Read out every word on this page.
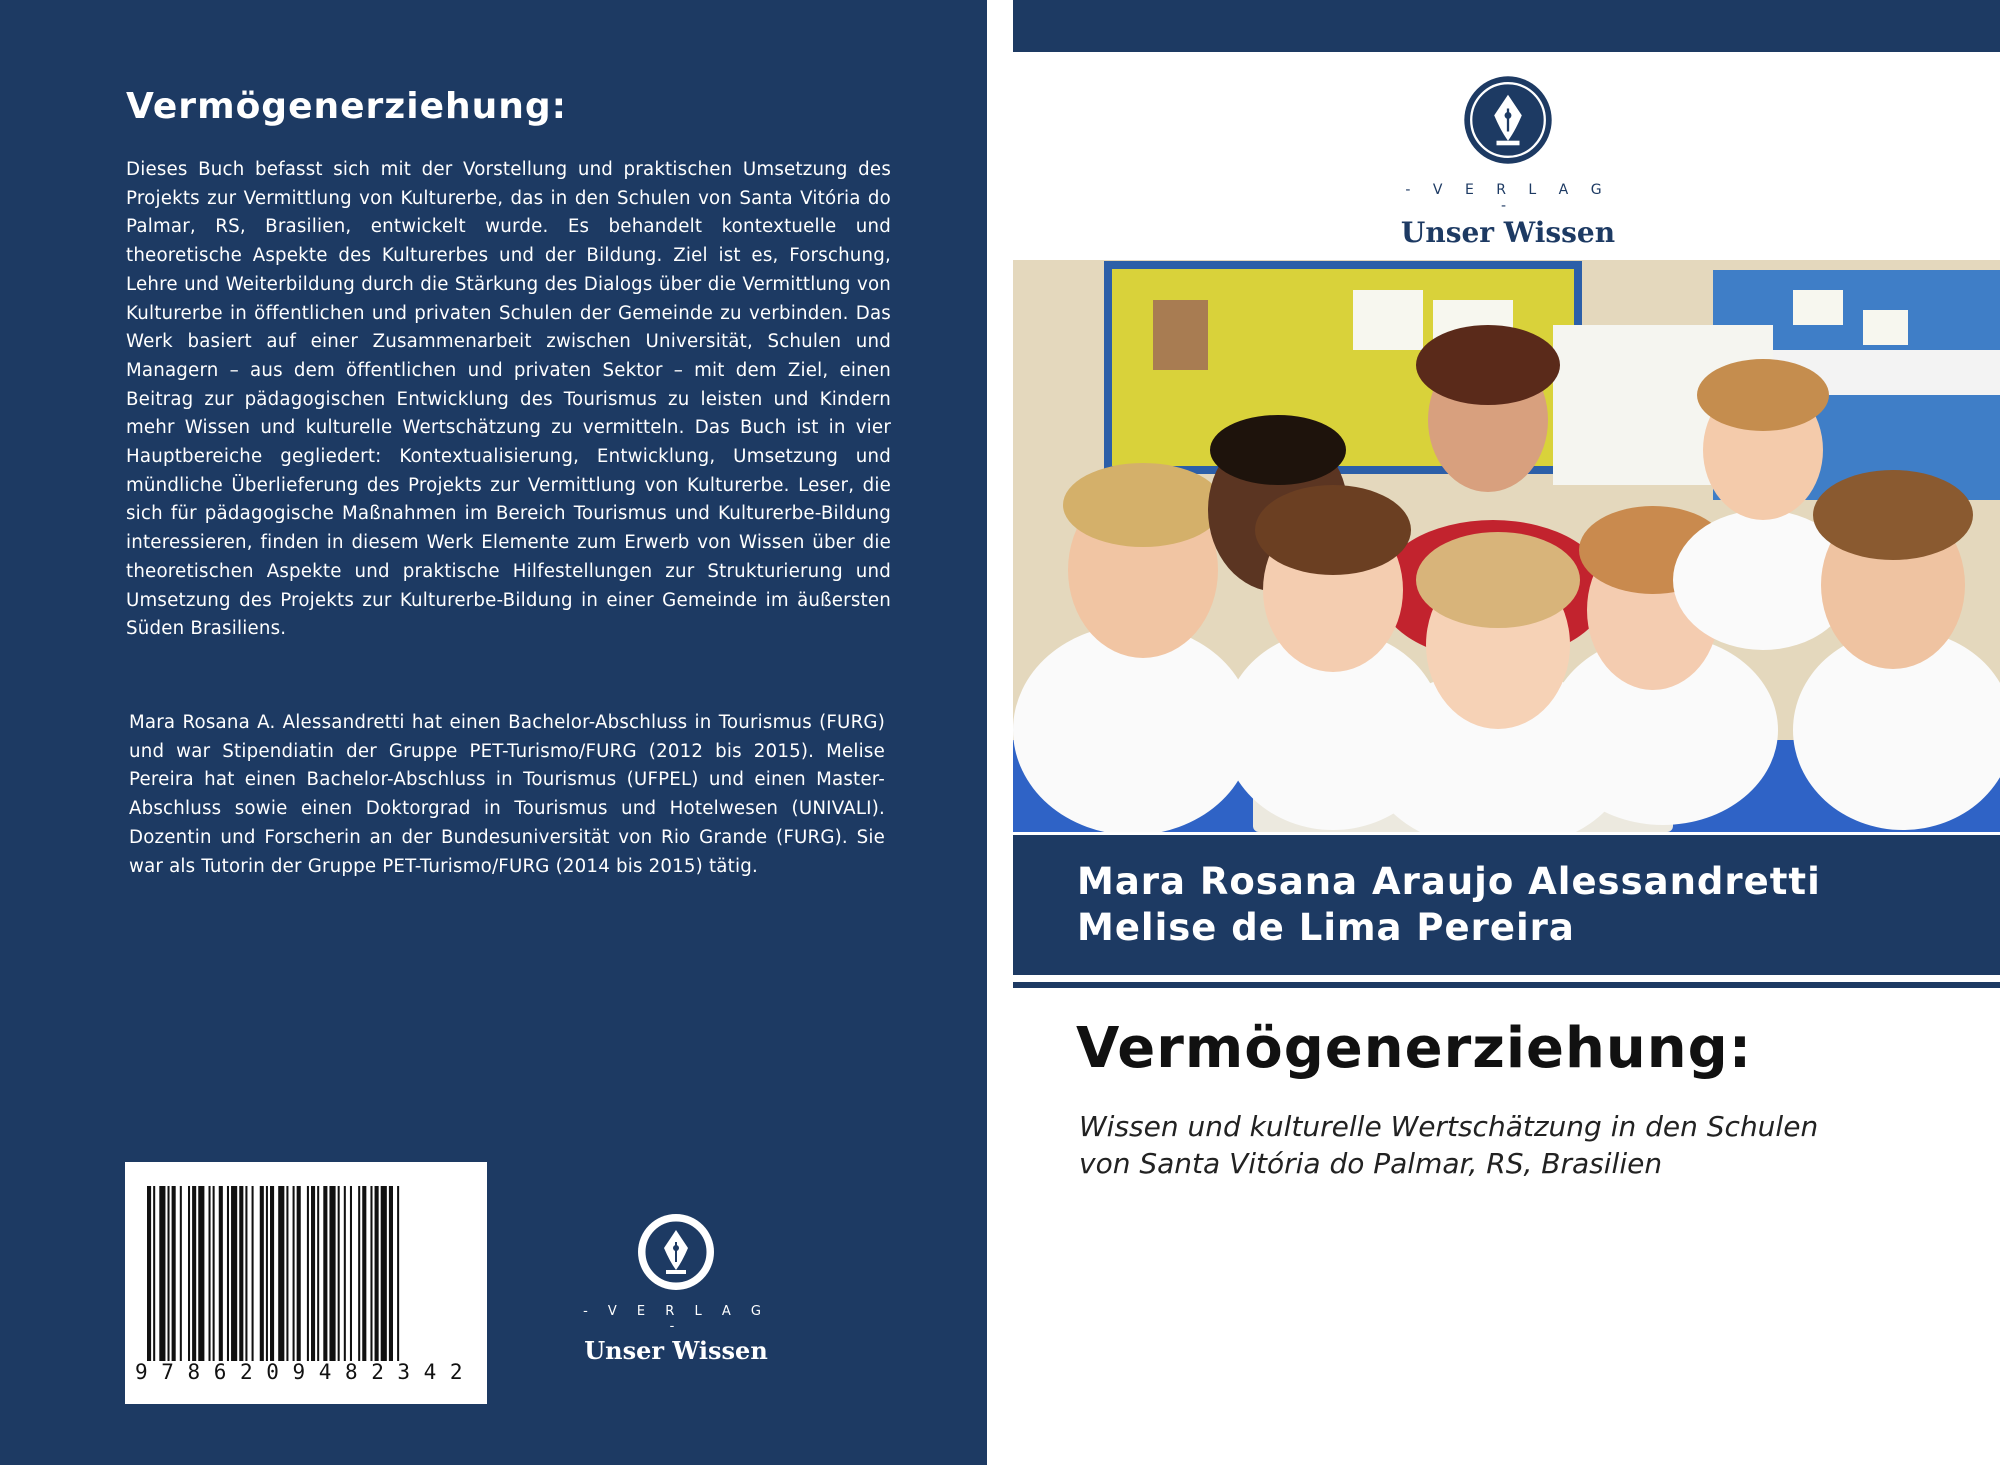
Vermögenerziehung:

Dieses Buch befasst sich mit der Vorstellung und praktischen Umsetzung des Projekts zur Vermittlung von Kulturerbe, das in den Schulen von Santa Vitória do Palmar, RS, Brasilien, entwickelt wurde. Es behandelt kontextuelle und theoretische Aspekte des Kulturerbes und der Bildung. Ziel ist es, Forschung, Lehre und Weiterbildung durch die Stärkung des Dialogs über die Vermittlung von Kulturerbe in öffentlichen und privaten Schulen der Gemeinde zu verbinden. Das Werk basiert auf einer Zusammenarbeit zwischen Universität, Schulen und Managern – aus dem öffentlichen und privaten Sektor – mit dem Ziel, einen Beitrag zur pädagogischen Entwicklung des Tourismus zu leisten und Kindern mehr Wissen und kulturelle Wertschätzung zu vermitteln. Das Buch ist in vier Hauptbereiche gegliedert: Kontextualisierung, Entwicklung, Umsetzung und mündliche Überlieferung des Projekts zur Vermittlung von Kulturerbe. Leser, die sich für pädagogische Maßnahmen im Bereich Tourismus und Kulturerbe-Bildung interessieren, finden in diesem Werk Elemente zum Erwerb von Wissen über die theoretischen Aspekte und praktische Hilfestellungen zur Strukturierung und Umsetzung des Projekts zur Kulturerbe-Bildung in einer Gemeinde im äußersten Süden Brasiliens.

Mara Rosana A. Alessandretti hat einen Bachelor-Abschluss in Tourismus (FURG) und war Stipendiatin der Gruppe PET-Turismo/FURG (2012 bis 2015). Melise Pereira hat einen Bachelor-Abschluss in Tourismus (UFPEL) und einen Master-Abschluss sowie einen Doktorgrad in Tourismus und Hotelwesen (UNIVALI). Dozentin und Forscherin an der Bundesuniversität von Rio Grande (FURG). Sie war als Tutorin der Gruppe PET-Turismo/FURG (2014 bis 2015) tätig.

9786209482342
- V E R L A G -
Unser Wissen
- V E R L A G -
Unser Wissen
Mara Rosana Araujo Alessandretti
Melise de Lima Pereira
Vermögenerziehung:
Wissen und kulturelle Wertschätzung in den Schulen
von Santa Vitória do Palmar, RS, Brasilien
